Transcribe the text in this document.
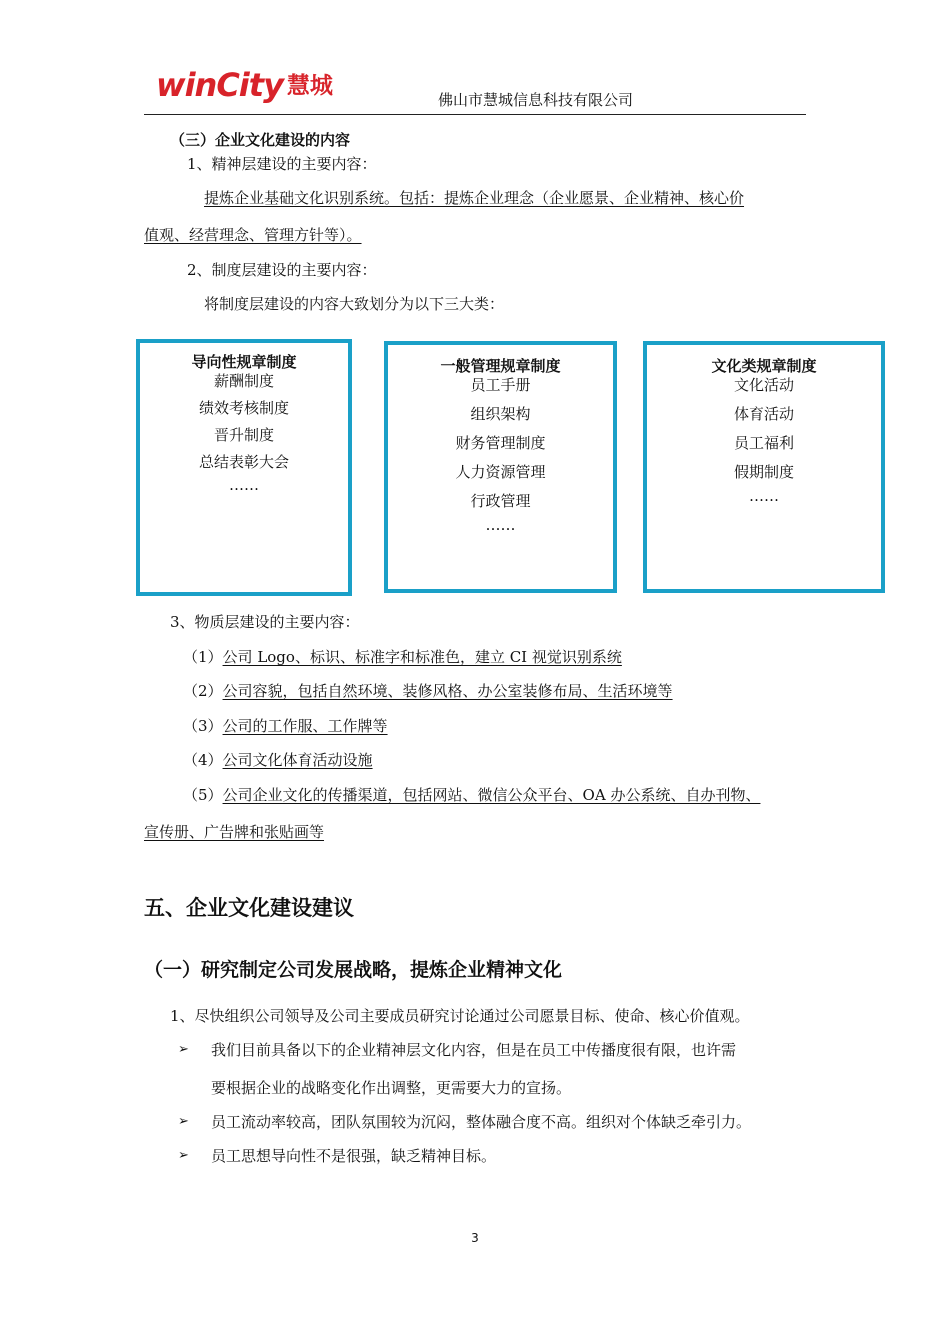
winCity 慧城
佛山市慧城信息科技有限公司
（三）企业文化建设的内容
1、精神层建设的主要内容：
提炼企业基础文化识别系统。包括：提炼企业理念（企业愿景、企业精神、核心价
值观、经营理念、管理方针等）。
2、制度层建设的主要内容：
将制度层建设的内容大致划分为以下三大类：
导向性规章制度
薪酬制度
绩效考核制度
晋升制度
总结表彰大会
……
一般管理规章制度
员工手册
组织架构
财务管理制度
人力资源管理
行政管理
……
文化类规章制度
文化活动
体育活动
员工福利
假期制度
……
3、物质层建设的主要内容：
（1）公司 Logo、标识、标准字和标准色，建立 CI 视觉识别系统
（2）公司容貌，包括自然环境、装修风格、办公室装修布局、生活环境等
（3）公司的工作服、工作牌等
（4）公司文化体育活动设施
（5）公司企业文化的传播渠道，包括网站、微信公众平台、OA 办公系统、自办刊物、
宣传册、广告牌和张贴画等
五、企业文化建设建议
（一）研究制定公司发展战略，提炼企业精神文化
1、尽快组织公司领导及公司主要成员研究讨论通过公司愿景目标、使命、核心价值观。
➢ 我们目前具备以下的企业精神层文化内容，但是在员工中传播度很有限，也许需
要根据企业的战略变化作出调整，更需要大力的宣扬。
➢ 员工流动率较高，团队氛围较为沉闷，整体融合度不高。组织对个体缺乏牵引力。
➢ 员工思想导向性不是很强，缺乏精神目标。
3
